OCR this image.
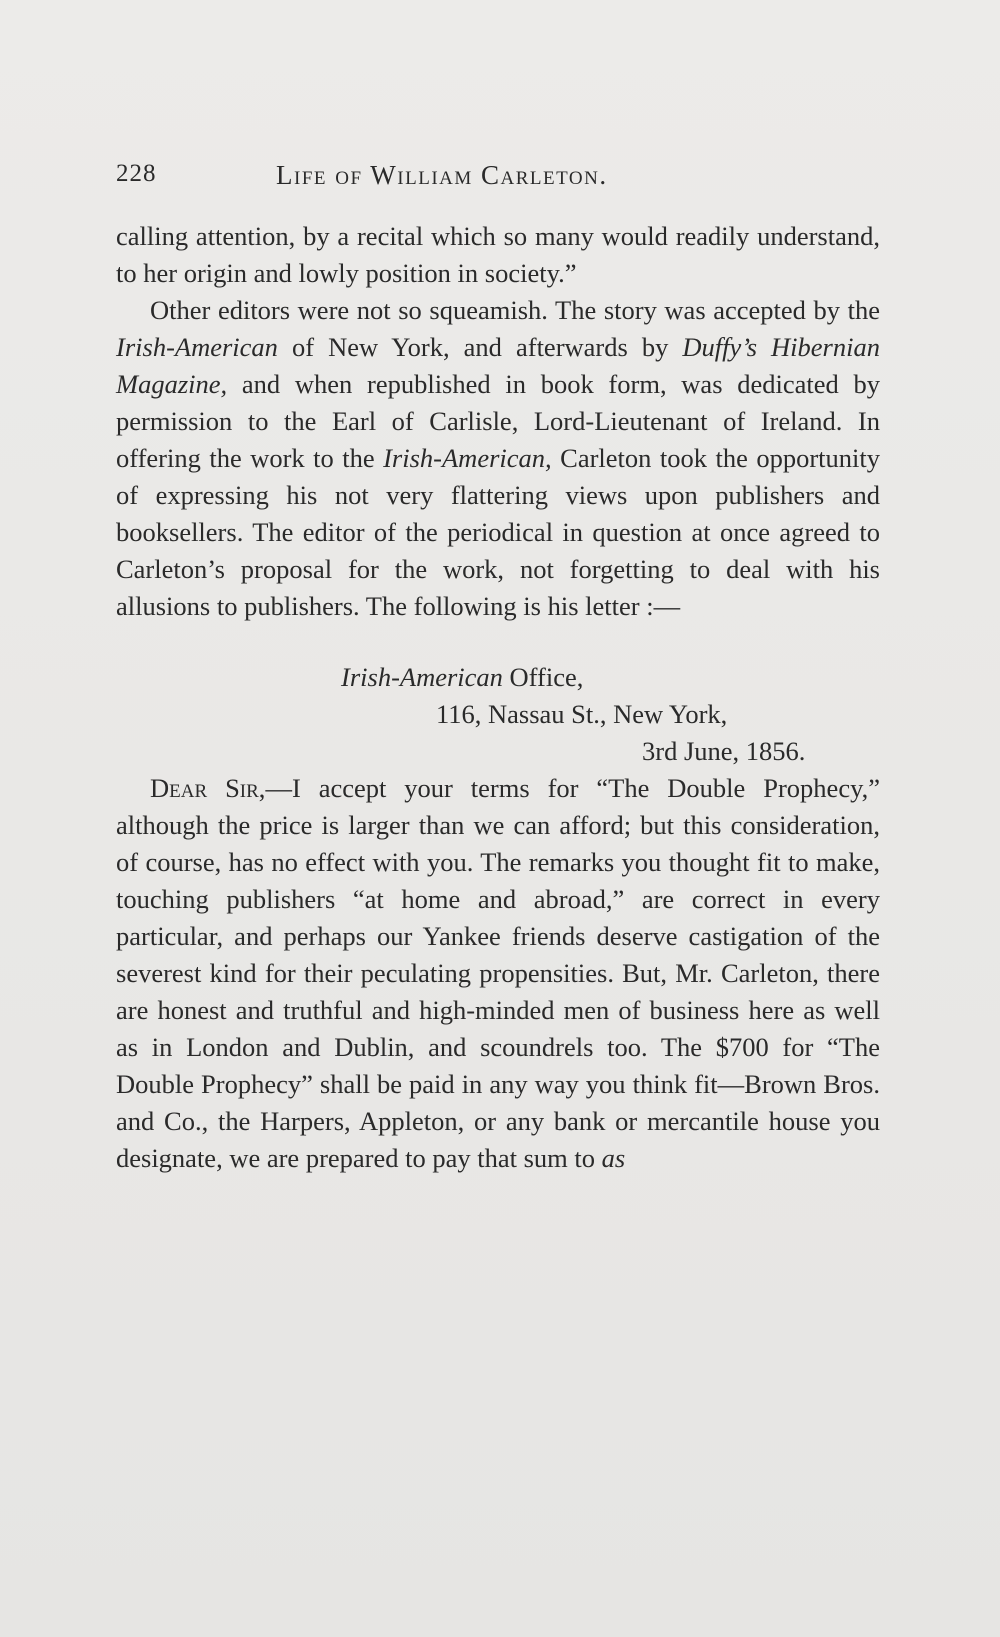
228	Life of William Carleton.

calling attention, by a recital which so many would readily understand, to her origin and lowly position in society.”

Other editors were not so squeamish. The story was accepted by the Irish-American of New York, and afterwards by Duffy’s Hibernian Magazine, and when republished in book form, was dedicated by permission to the Earl of Carlisle, Lord-Lieutenant of Ireland. In offering the work to the Irish-American, Carleton took the opportunity of expressing his not very flattering views upon publishers and booksellers. The editor of the periodical in question at once agreed to Carleton’s proposal for the work, not forgetting to deal with his allusions to publishers. The following is his letter :—

Irish-American Office,
116, Nassau St., New York,
3rd June, 1856.

Dear Sir,—I accept your terms for “The Double Prophecy,” although the price is larger than we can afford; but this consideration, of course, has no effect with you. The remarks you thought fit to make, touching publishers “at home and abroad,” are correct in every particular, and perhaps our Yankee friends deserve castigation of the severest kind for their peculating propensities. But, Mr. Carleton, there are honest and truthful and high-minded men of business here as well as in London and Dublin, and scoundrels too. The $700 for “The Double Prophecy” shall be paid in any way you think fit—Brown Bros. and Co., the Harpers, Appleton, or any bank or mercantile house you designate, we are prepared to pay that sum to as
